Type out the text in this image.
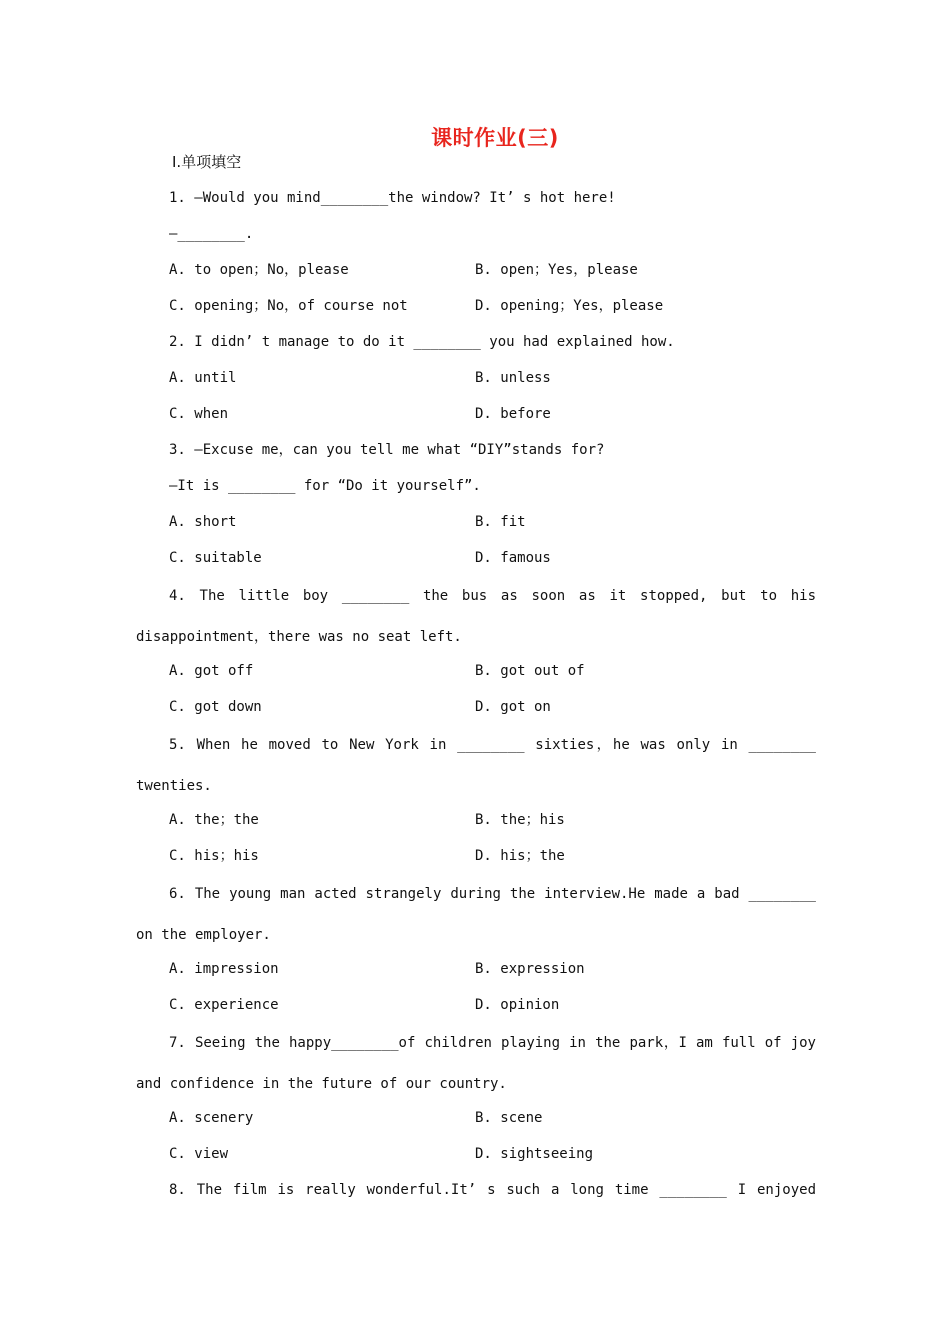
课时作业(三)
Ⅰ.单项填空
1. —Would you mind________the window? It’ s hot here!
—________.
A. to open；No，please	B. open；Yes，please
C. opening；No，of course not	D. opening；Yes，please
2. I didn’ t manage to do it ________ you had explained how.
A. until	B. unless
C. when	D. before
3. —Excuse me，can you tell me what “DIY”stands for?
—It is ________ for “Do it yourself”.
A. short	B. fit
C. suitable	D. famous
4. The little boy ________ the bus as soon as it stopped, but to his disappointment，there was no seat left.
A. got off	B. got out of
C. got down	D. got on
5. When he moved to New York in ________ sixties，he was only in ________ twenties.
A. the；the	B. the；his
C. his；his	D. his；the
6. The young man acted strangely during the interview.He made a bad ________ on the employer.
A. impression	B. expression
C. experience	D. opinion
7. Seeing the happy________of children playing in the park，I am full of joy and confidence in the future of our country.
A. scenery	B. scene
C. view	D. sightseeing
8. The film is really wonderful.It’ s such a long time ________ I enjoyed
